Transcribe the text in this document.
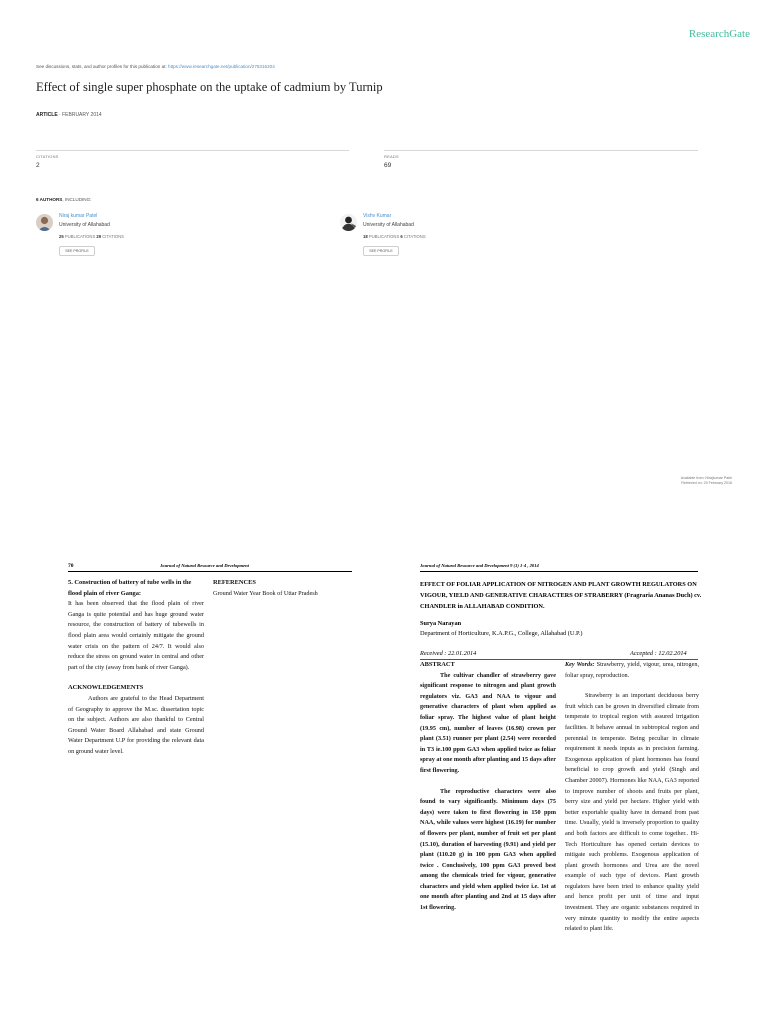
ResearchGate
See discussions, stats, and author profiles for this publication at: https://www.researchgate.net/publication/275316204
Effect of single super phosphate on the uptake of cadmium by Turnip
ARTICLE · FEBRUARY 2014
CITATIONS
2
READS
69
6 AUTHORS, INCLUDING:
Niraj kumar Patel
University of Allahabad
25 PUBLICATIONS 29 CITATIONS
SEE PROFILE
Vishv Kumar
University of Allahabad
18 PUBLICATIONS 6 CITATIONS
SEE PROFILE
Available from: Nirajkumar Patel
Retrieved on: 29 February 2016
70	Journal of Natural Resource and Development
5. Construction of battery of tube wells in the flood plain of river Ganga:

It has been observed that the flood plain of river Ganga is quite potential and has huge ground water resource, the construction of battery of tubewells in flood plain area would certainly mitigate the ground water crisis on the pattern of 24/7. It would also reduce the stress on ground water in central and other part of the city (away from bank of river Ganga).

ACKNOWLEDGEMENTS

Authors are grateful to the Head Department of Geography to approve the M.sc. dissertation topic on the subject. Authors are also thankful to Central Ground Water Board Allahabad and state Ground Water Department U.P for providing the relevant data on ground water level.

REFERENCES

Ground Water Year Book of Uttar Pradesh

Journal of Natural Resource and Development 9 (1) 1-4 , 2014
EFFECT OF FOLIAR APPLICATION OF NITROGEN AND PLANT GROWTH REGULATORS ON VIGOUR, YIELD AND GENERATIVE CHARACTERS OF STRABERRY (Fragraria Ananas Duch) cv. CHANDLER in ALLAHABAD CONDITION.
Surya Narayan
Department of Horticulture, K.A.P.G., College, Allahabad (U.P.)
Received : 22.01.2014	Accepted : 12.02.2014
ABSTRACT

The cultivar chandler of strawberry gave significant response to nitrogen and plant growth regulators viz. GA3 and NAA to vigour and generative characters of plant when applied as foliar spray. The highest value of plant height (19.95 cm), number of leaves (16.98) crown per plant (3.51) runner per plant (2.54) were recorded in T3 ie.100 ppm GA3 when applied twice as foliar spray at one month after planting and 15 days after first flowering.

The reproductive characters were also found to vary significantly. Minimum days (75 days) were taken to first flowering in 150 ppm NAA, while values were highest (16.19) for number of flowers per plant, number of fruit set per plant (15.10), duration of harvesting (9.91) and yield per plant (110.20 g) in 100 ppm GA3 when applied twice . Conclusively, 100 ppm GA3 proved best among the chemicals tried for vigour, generative characters and yield when applied twice i.e. 1st at one month after planting and 2nd at 15 days after 1st flowering.

Key Words: Strawberry, yield, vigour, urea, nitrogen, foliar spray, reproduction.

Strawberry is an important deciduous berry fruit which can be grown in diversified climate from temperate to tropical region with assured irrigation facilities. It behave annual in subtropical region and perennial in temperate. Being peculiar in climate requirement it needs inputs as in precision farming. Exogenous application of plant hormones has found beneficial to crop growth and yield (Singh and Chamber 20007). Hormones like NAA, GA3 reported to improve number of shoots and fruits per plant, berry size and yield per hectare. Higher yield with better exportable quality have in demand from past time. Usually, yield is inversely proportion to quality and both factors are difficult to come together.. Hi-Tech Horticulture has opened certain devices to mitigate such problems. Exogenous application of plant growth hormones and Urea are the novel example of such type of devices. Plant growth regulators have been tried to enhance quality yield and hence profit per unit of time and input investment. They are organic substances required in very minute quantity to modify the entire aspects related to plant life.
